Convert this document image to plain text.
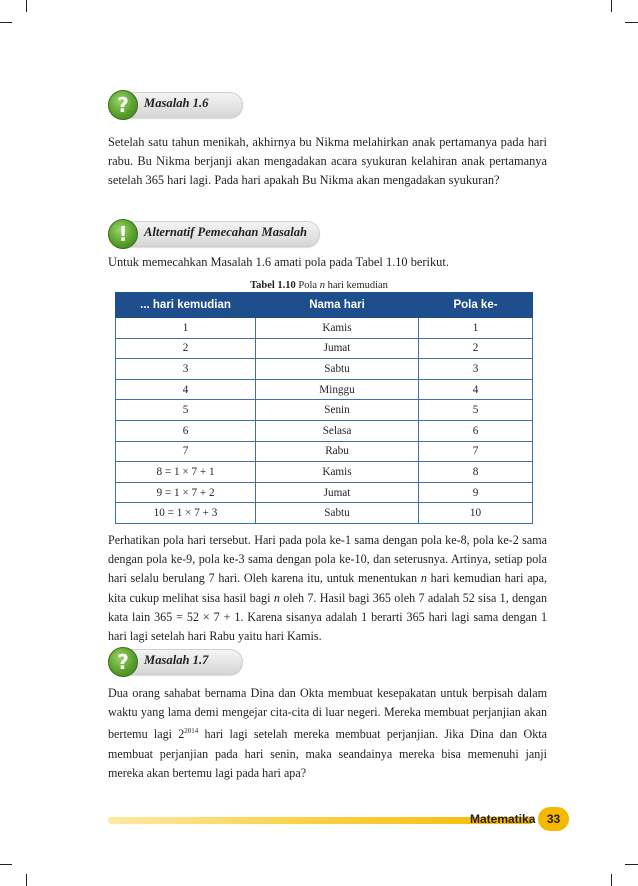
?	Masalah 1.6

Setelah satu tahun menikah, akhirnya bu Nikma melahirkan anak pertamanya pada hari rabu. Bu Nikma berjanji akan mengadakan acara syukuran kelahiran anak pertamanya setelah 365 hari lagi. Pada hari apakah Bu Nikma akan mengadakan syukuran?

!	Alternatif Pemecahan Masalah

Untuk memecahkan Masalah 1.6 amati pola pada Tabel 1.10 berikut.

Tabel 1.10 Pola n hari kemudian
... hari kemudian	Nama hari	Pola ke-
1	Kamis	1
2	Jumat	2
3	Sabtu	3
4	Minggu	4
5	Senin	5
6	Selasa	6
7	Rabu	7
8 = 1 × 7 + 1	Kamis	8
9 = 1 × 7 + 2	Jumat	9
10 = 1 × 7 + 3	Sabtu	10

Perhatikan pola hari tersebut. Hari pada pola ke-1 sama dengan pola ke-8, pola ke-2 sama dengan pola ke-9, pola ke-3 sama dengan pola ke-10, dan seterusnya. Artinya, setiap pola hari selalu berulang 7 hari. Oleh karena itu, untuk menentukan n hari kemudian hari apa, kita cukup melihat sisa hasil bagi n oleh 7. Hasil bagi 365 oleh 7 adalah 52 sisa 1, dengan kata lain 365 = 52 × 7 + 1. Karena sisanya adalah 1 berarti 365 hari lagi sama dengan 1 hari lagi setelah hari Rabu yaitu hari Kamis.

?	Masalah 1.7

Dua orang sahabat bernama Dina dan Okta membuat kesepakatan untuk berpisah dalam waktu yang lama demi mengejar cita-cita di luar negeri. Mereka membuat perjanjian akan bertemu lagi $2^{2014}$ hari lagi setelah mereka membuat perjanjian. Jika Dina dan Okta membuat perjanjian pada hari senin, maka seandainya mereka bisa memenuhi janji mereka akan bertemu lagi pada hari apa?

Matematika 33
